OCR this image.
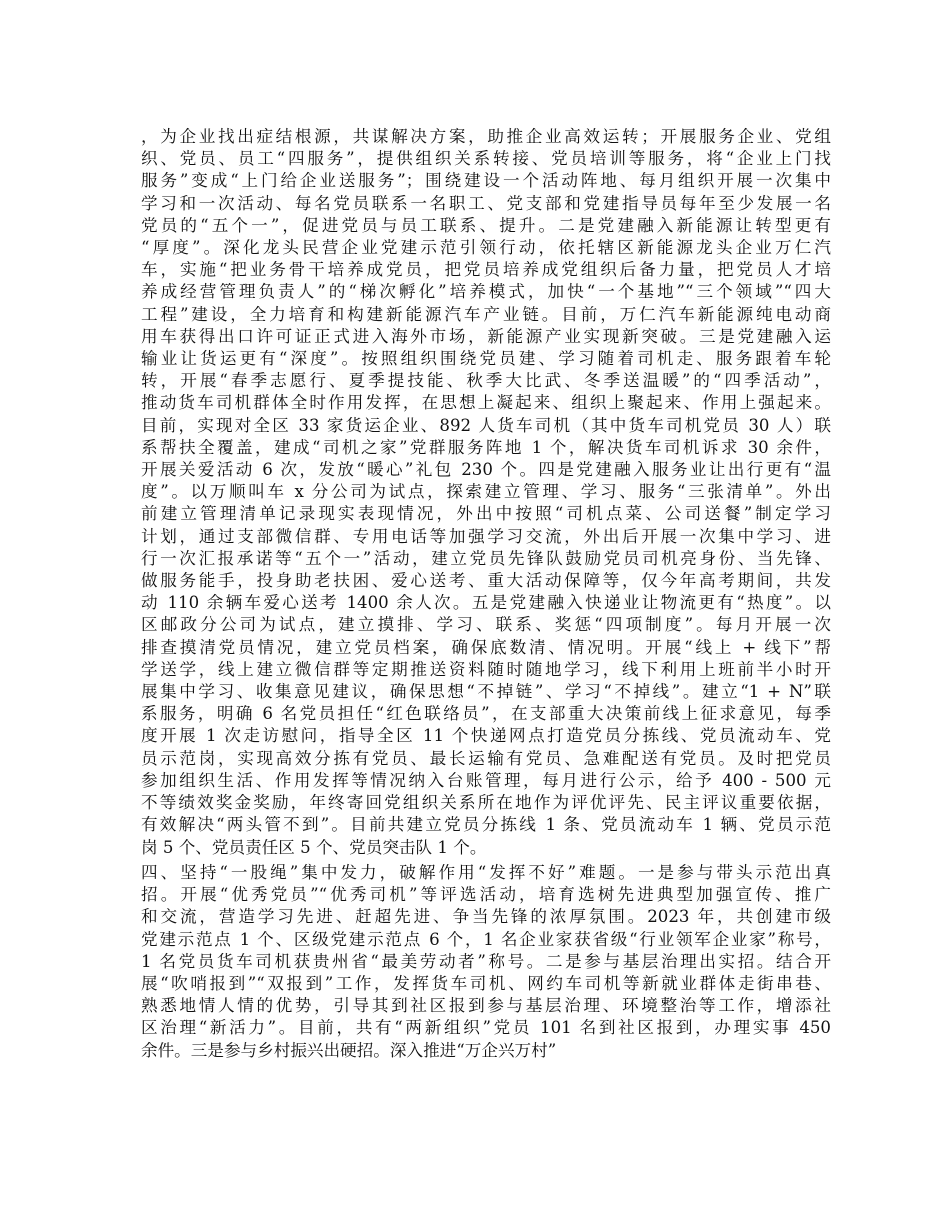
，为企业找出症结根源，共谋解决方案，助推企业高效运转；开展服务企业、党组
织、党员、员工“四服务”，提供组织关系转接、党员培训等服务，将“企业上门找
服务”变成“上门给企业送服务”；围绕建设一个活动阵地、每月组织开展一次集中
学习和一次活动、每名党员联系一名职工、党支部和党建指导员每年至少发展一名
党员的“五个一”，促进党员与员工联系、提升。二是党建融入新能源让转型更有
“厚度”。深化龙头民营企业党建示范引领行动，依托辖区新能源龙头企业万仁汽
车，实施“把业务骨干培养成党员，把党员培养成党组织后备力量，把党员人才培
养成经营管理负责人”的“梯次孵化”培养模式，加快“一个基地”“三个领域”“四大
工程”建设，全力培育和构建新能源汽车产业链。目前，万仁汽车新能源纯电动商
用车获得出口许可证正式进入海外市场，新能源产业实现新突破。三是党建融入运
输业让货运更有“深度”。按照组织围绕党员建、学习随着司机走、服务跟着车轮
转，开展“春季志愿行、夏季提技能、秋季大比武、冬季送温暖”的“四季活动”，
推动货车司机群体全时作用发挥，在思想上凝起来、组织上聚起来、作用上强起来。
目前，实现对全区 33 家货运企业、892 人货车司机（其中货车司机党员 30 人）联
系帮扶全覆盖，建成“司机之家”党群服务阵地 1 个，解决货车司机诉求 30 余件，
开展关爱活动 6 次，发放“暖心”礼包 230 个。四是党建融入服务业让出行更有“温
度”。以万顺叫车 x 分公司为试点，探索建立管理、学习、服务“三张清单”。外出
前建立管理清单记录现实表现情况，外出中按照“司机点菜、公司送餐”制定学习
计划，通过支部微信群、专用电话等加强学习交流，外出后开展一次集中学习、进
行一次汇报承诺等“五个一”活动，建立党员先锋队鼓励党员司机亮身份、当先锋、
做服务能手，投身助老扶困、爱心送考、重大活动保障等，仅今年高考期间，共发
动 110 余辆车爱心送考 1400 余人次。五是党建融入快递业让物流更有“热度”。以
区邮政分公司为试点，建立摸排、学习、联系、奖惩“四项制度”。每月开展一次
排查摸清党员情况，建立党员档案，确保底数清、情况明。开展“线上 + 线下”帮
学送学，线上建立微信群等定期推送资料随时随地学习，线下利用上班前半小时开
展集中学习、收集意见建议，确保思想“不掉链”、学习“不掉线”。建立“1 + N”联
系服务，明确 6 名党员担任“红色联络员”，在支部重大决策前线上征求意见，每季
度开展 1 次走访慰问，指导全区 11 个快递网点打造党员分拣线、党员流动车、党
员示范岗，实现高效分拣有党员、最长运输有党员、急难配送有党员。及时把党员
参加组织生活、作用发挥等情况纳入台账管理，每月进行公示，给予 400 - 500 元
不等绩效奖金奖励，年终寄回党组织关系所在地作为评优评先、民主评议重要依据，
有效解决“两头管不到”。目前共建立党员分拣线 1 条、党员流动车 1 辆、党员示范
岗 5 个、党员责任区 5 个、党员突击队 1 个。
四、坚持“一股绳”集中发力，破解作用“发挥不好”难题。一是参与带头示范出真
招。开展“优秀党员”“优秀司机”等评选活动，培育选树先进典型加强宣传、推广
和交流，营造学习先进、赶超先进、争当先锋的浓厚氛围。2023 年，共创建市级
党建示范点 1 个、区级党建示范点 6 个，1 名企业家获省级“行业领军企业家”称号，
1 名党员货车司机获贵州省“最美劳动者”称号。二是参与基层治理出实招。结合开
展“吹哨报到”“双报到”工作，发挥货车司机、网约车司机等新就业群体走街串巷、
熟悉地情人情的优势，引导其到社区报到参与基层治理、环境整治等工作，增添社
区治理“新活力”。目前，共有“两新组织”党员 101 名到社区报到，办理实事 450
余件。三是参与乡村振兴出硬招。深入推进“万企兴万村”
